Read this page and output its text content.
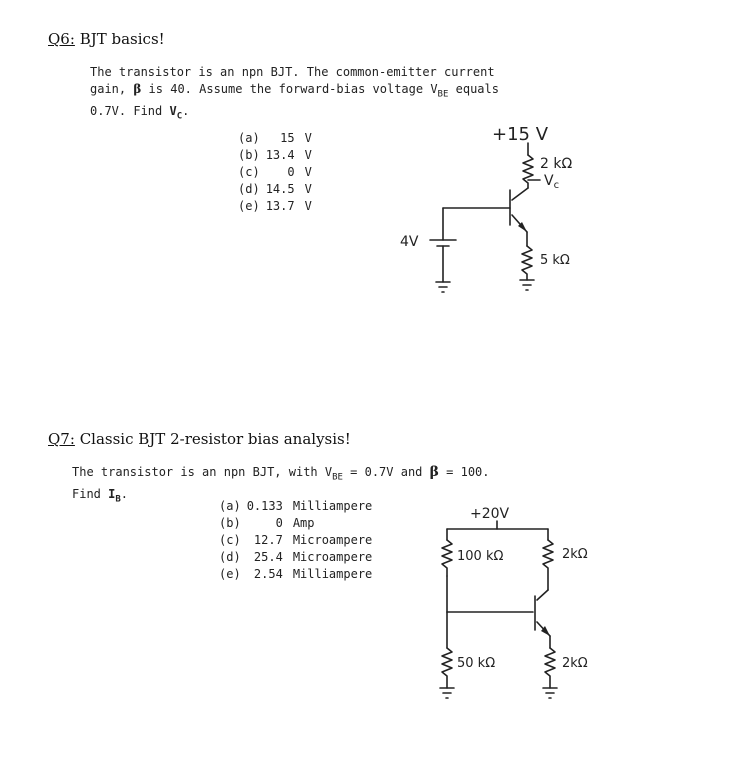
Q6: BJT basics!
The transistor is an npn BJT. The common-emitter current
gain, β is 40. Assume the forward-bias voltage $V_{BE}$ equals
0.7V. Find $V_C$.
(a)	15	V
(b)	13.4	V
(c)	0	V
(d)	14.5	V
(e)	13.7	V
Q7: Classic BJT 2-resistor bias analysis!
The transistor is an npn BJT, with $V_{BE} = 0.7V$ and β = 100.
Find $I_B$.
(a)	0.133	Milliampere
(b)	0	Amp
(c)	12.7	Microampere
(d)	25.4	Microampere
(e)	2.54	Milliampere
+15 V
2 kΩ
$V_c$
4V
5 kΩ
+20V
100 kΩ	2kΩ
50 kΩ	2kΩ
